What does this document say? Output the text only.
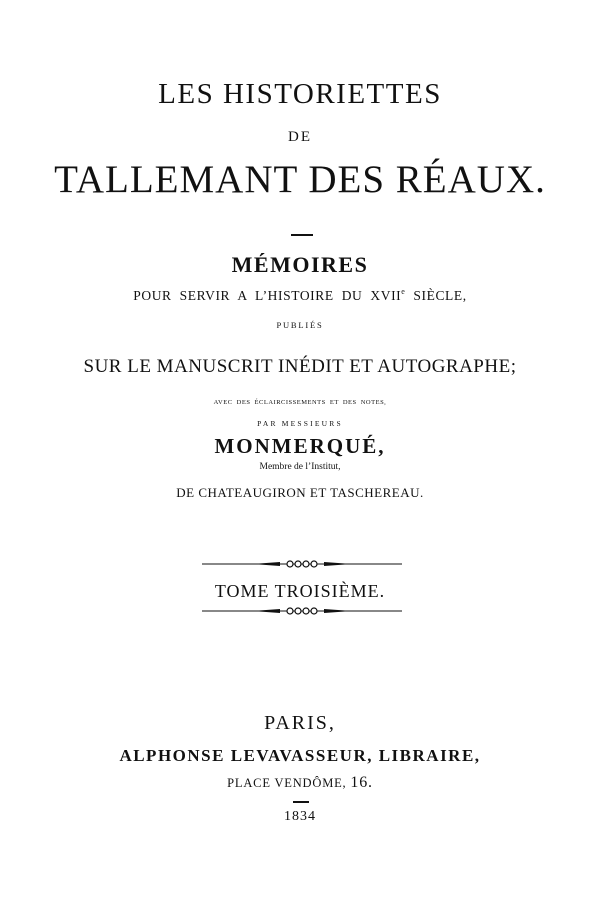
LES HISTORIETTES
DE
TALLEMANT DES RÉAUX.
MÉMOIRES
POUR SERVIR A L’HISTOIRE DU XVIIe SIÈCLE,
PUBLIÉS
SUR LE MANUSCRIT INÉDIT ET AUTOGRAPHE;
AVEC DES ÉCLAIRCISSEMENTS ET DES NOTES,
PAR MESSIEURS
MONMERQUÉ,
Membre de l’Institut,
DE CHATEAUGIRON ET TASCHEREAU.
TOME TROISIÈME.
PARIS,
ALPHONSE LEVAVASSEUR, LIBRAIRE,
PLACE VENDÔME, 16.
1834
